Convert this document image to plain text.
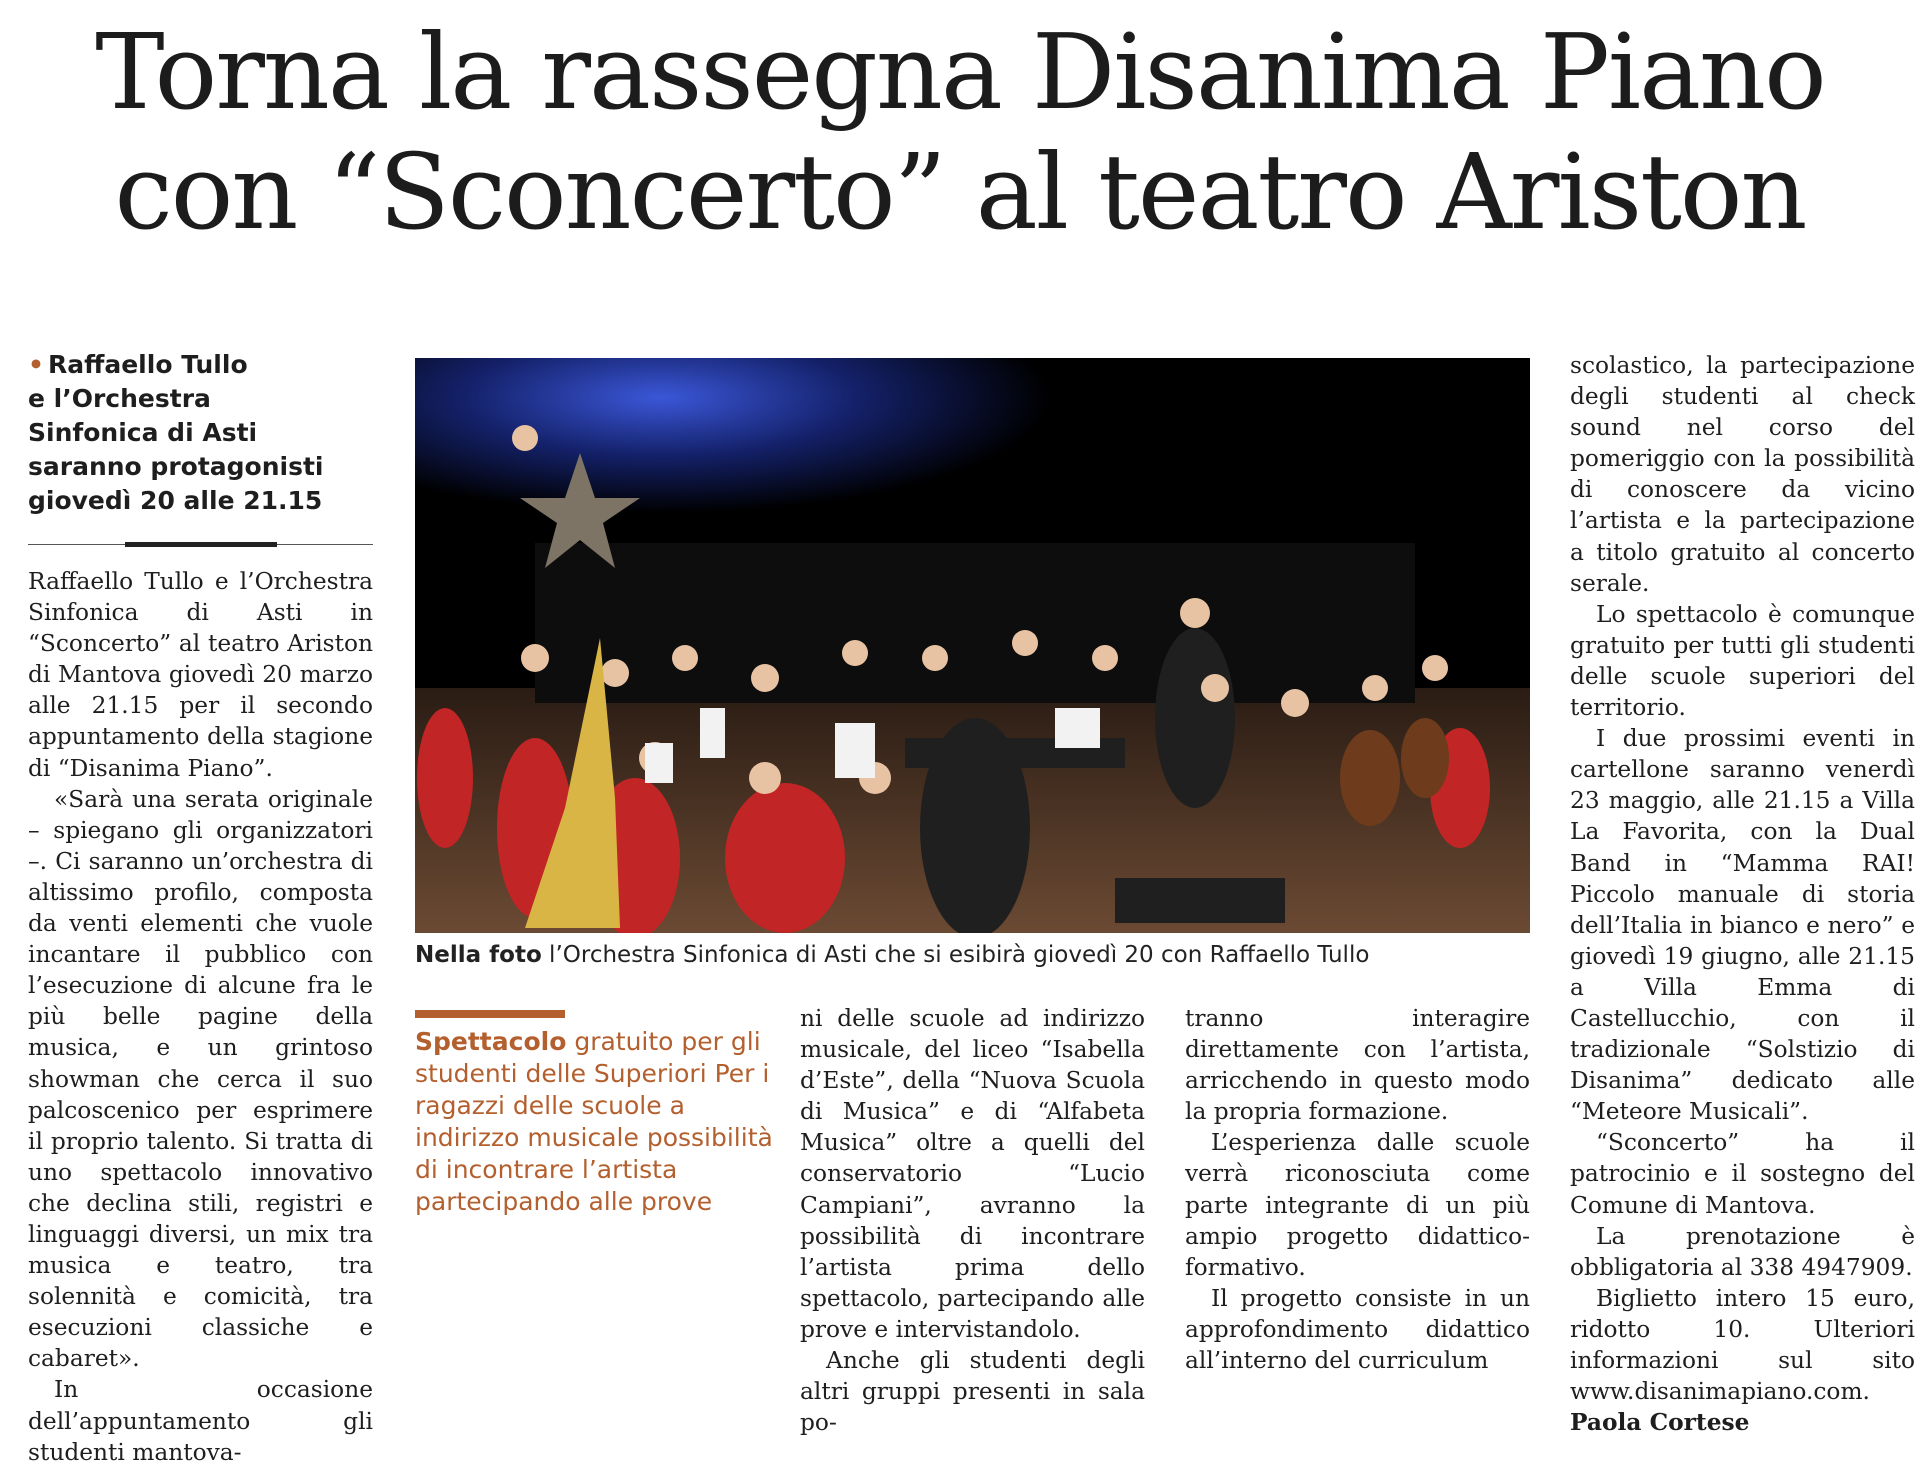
Torna la rassegna Disanima Piano
con “Sconcerto” al teatro Ariston
• Raffaello Tullo
e l’Orchestra
Sinfonica di Asti
saranno protagonisti
giovedì 20 alle 21.15

Raffaello Tullo e l’Orchestra Sinfonica di Asti in “Sconcerto” al teatro Ariston di Mantova giovedì 20 marzo alle 21.15 per il secondo appuntamento della stagione di “Disanima Piano”.

«Sarà una serata originale – spiegano gli organizzatori –. Ci saranno un’orchestra di altissimo profilo, composta da venti elementi che vuole incantare il pubblico con l’esecuzione di alcune fra le più belle pagine della musica, e un grintoso showman che cerca il suo palcoscenico per esprimere il proprio talento. Si tratta di uno spettacolo innovativo che declina stili, registri e linguaggi diversi, un mix tra musica e teatro, tra solennità e comicità, tra esecuzioni classiche e cabaret».

In occasione dell’appuntamento gli studenti mantova-

Nella foto l’Orchestra Sinfonica di Asti che si esibirà giovedì 20 con Raffaello Tullo
Spettacolo gratuito per gli studenti delle Superiori Per i ragazzi delle scuole a indirizzo musicale possibilità di incontrare l’artista partecipando alle prove

ni delle scuole ad indirizzo musicale, del liceo “Isabella d’Este”, della “Nuova Scuola di Musica” e di “Alfabeta Musica” oltre a quelli del conservatorio “Lucio Campiani”, avranno la possibilità di incontrare l’artista prima dello spettacolo, partecipando alle prove e intervistandolo.

Anche gli studenti degli altri gruppi presenti in sala po-

tranno interagire direttamente con l’artista, arricchendo in questo modo la propria formazione.

L’esperienza dalle scuole verrà riconosciuta come parte integrante di un più ampio progetto didattico-formativo.

Il progetto consiste in un approfondimento didattico all’interno del curriculum

scolastico, la partecipazione degli studenti al check sound nel corso del pomeriggio con la possibilità di conoscere da vicino l’artista e la partecipazione a titolo gratuito al concerto serale.

Lo spettacolo è comunque gratuito per tutti gli studenti delle scuole superiori del territorio.

I due prossimi eventi in cartellone saranno venerdì 23 maggio, alle 21.15 a Villa La Favorita, con la Dual Band in “Mamma RAI! Piccolo manuale di storia dell’Italia in bianco e nero” e giovedì 19 giugno, alle 21.15 a Villa Emma di Castellucchio, con il tradizionale “Solstizio di Disanima” dedicato alle “Meteore Musicali”.

“Sconcerto” ha il patrocinio e il sostegno del Comune di Mantova.

La prenotazione è obbligatoria al 338 4947909.

Biglietto intero 15 euro, ridotto 10. Ulteriori informazioni sul sito www.disanimapiano.com.

Paola Cortese
